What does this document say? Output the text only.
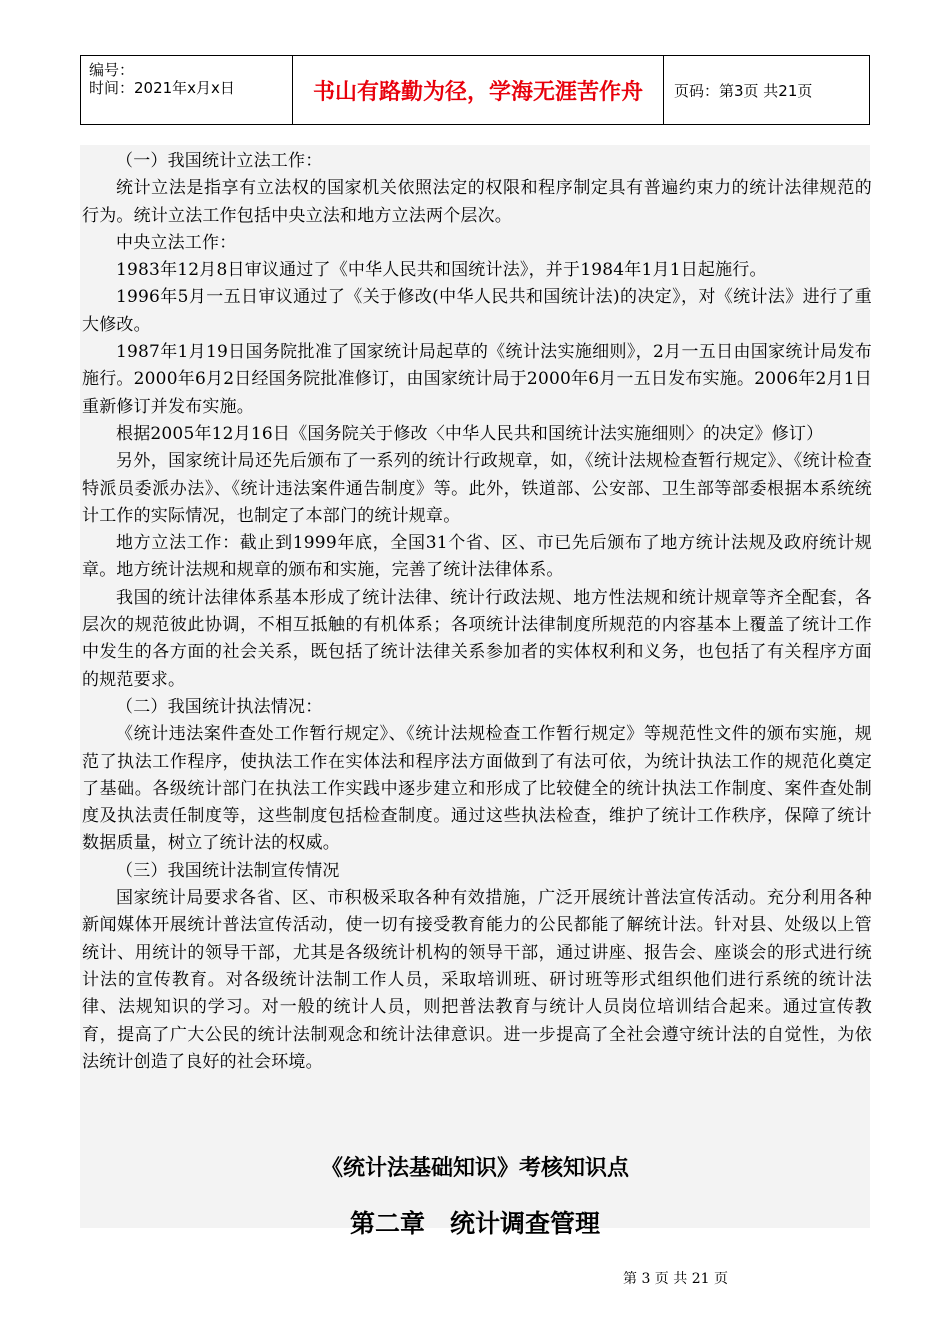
编号：
时间：2021年x月x日	书山有路勤为径，学海无涯苦作舟	页码：第3页 共21页

（一）我国统计立法工作：

统计立法是指享有立法权的国家机关依照法定的权限和程序制定具有普遍约束力的统计法律规范的行为。统计立法工作包括中央立法和地方立法两个层次。

中央立法工作：

1983年12月8日审议通过了《中华人民共和国统计法》，并于1984年1月1日起施行。

1996年5月一五日审议通过了《关于修改(中华人民共和国统计法)的决定》，对《统计法》进行了重大修改。

1987年1月19日国务院批准了国家统计局起草的《统计法实施细则》，2月一五日由国家统计局发布施行。2000年6月2日经国务院批准修订，由国家统计局于2000年6月一五日发布实施。2006年2月1日重新修订并发布实施。

根据2005年12月16日《国务院关于修改〈中华人民共和国统计法实施细则〉的决定》修订）

另外，国家统计局还先后颁布了一系列的统计行政规章，如，《统计法规检查暂行规定》、《统计检查特派员委派办法》、《统计违法案件通告制度》等。此外，铁道部、公安部、卫生部等部委根据本系统统计工作的实际情况，也制定了本部门的统计规章。

地方立法工作：截止到1999年底，全国31个省、区、市已先后颁布了地方统计法规及政府统计规章。地方统计法规和规章的颁布和实施，完善了统计法律体系。

我国的统计法律体系基本形成了统计法律、统计行政法规、地方性法规和统计规章等齐全配套，各层次的规范彼此协调，不相互抵触的有机体系；各项统计法律制度所规范的内容基本上覆盖了统计工作中发生的各方面的社会关系，既包括了统计法律关系参加者的实体权利和义务，也包括了有关程序方面的规范要求。

（二）我国统计执法情况：

《统计违法案件查处工作暂行规定》、《统计法规检查工作暂行规定》等规范性文件的颁布实施，规范了执法工作程序，使执法工作在实体法和程序法方面做到了有法可依，为统计执法工作的规范化奠定了基础。各级统计部门在执法工作实践中逐步建立和形成了比较健全的统计执法工作制度、案件查处制度及执法责任制度等，这些制度包括检查制度。通过这些执法检查，维护了统计工作秩序，保障了统计数据质量，树立了统计法的权威。

（三）我国统计法制宣传情况

国家统计局要求各省、区、市积极采取各种有效措施，广泛开展统计普法宣传活动。充分利用各种新闻媒体开展统计普法宣传活动，使一切有接受教育能力的公民都能了解统计法。针对县、处级以上管统计、用统计的领导干部，尤其是各级统计机构的领导干部，通过讲座、报告会、座谈会的形式进行统计法的宣传教育。对各级统计法制工作人员，采取培训班、研讨班等形式组织他们进行系统的统计法律、法规知识的学习。对一般的统计人员，则把普法教育与统计人员岗位培训结合起来。通过宣传教育，提高了广大公民的统计法制观念和统计法律意识。进一步提高了全社会遵守统计法的自觉性，为依法统计创造了良好的社会环境。

《统计法基础知识》考核知识点
第二章　统计调查管理
第 3 页 共 21 页
